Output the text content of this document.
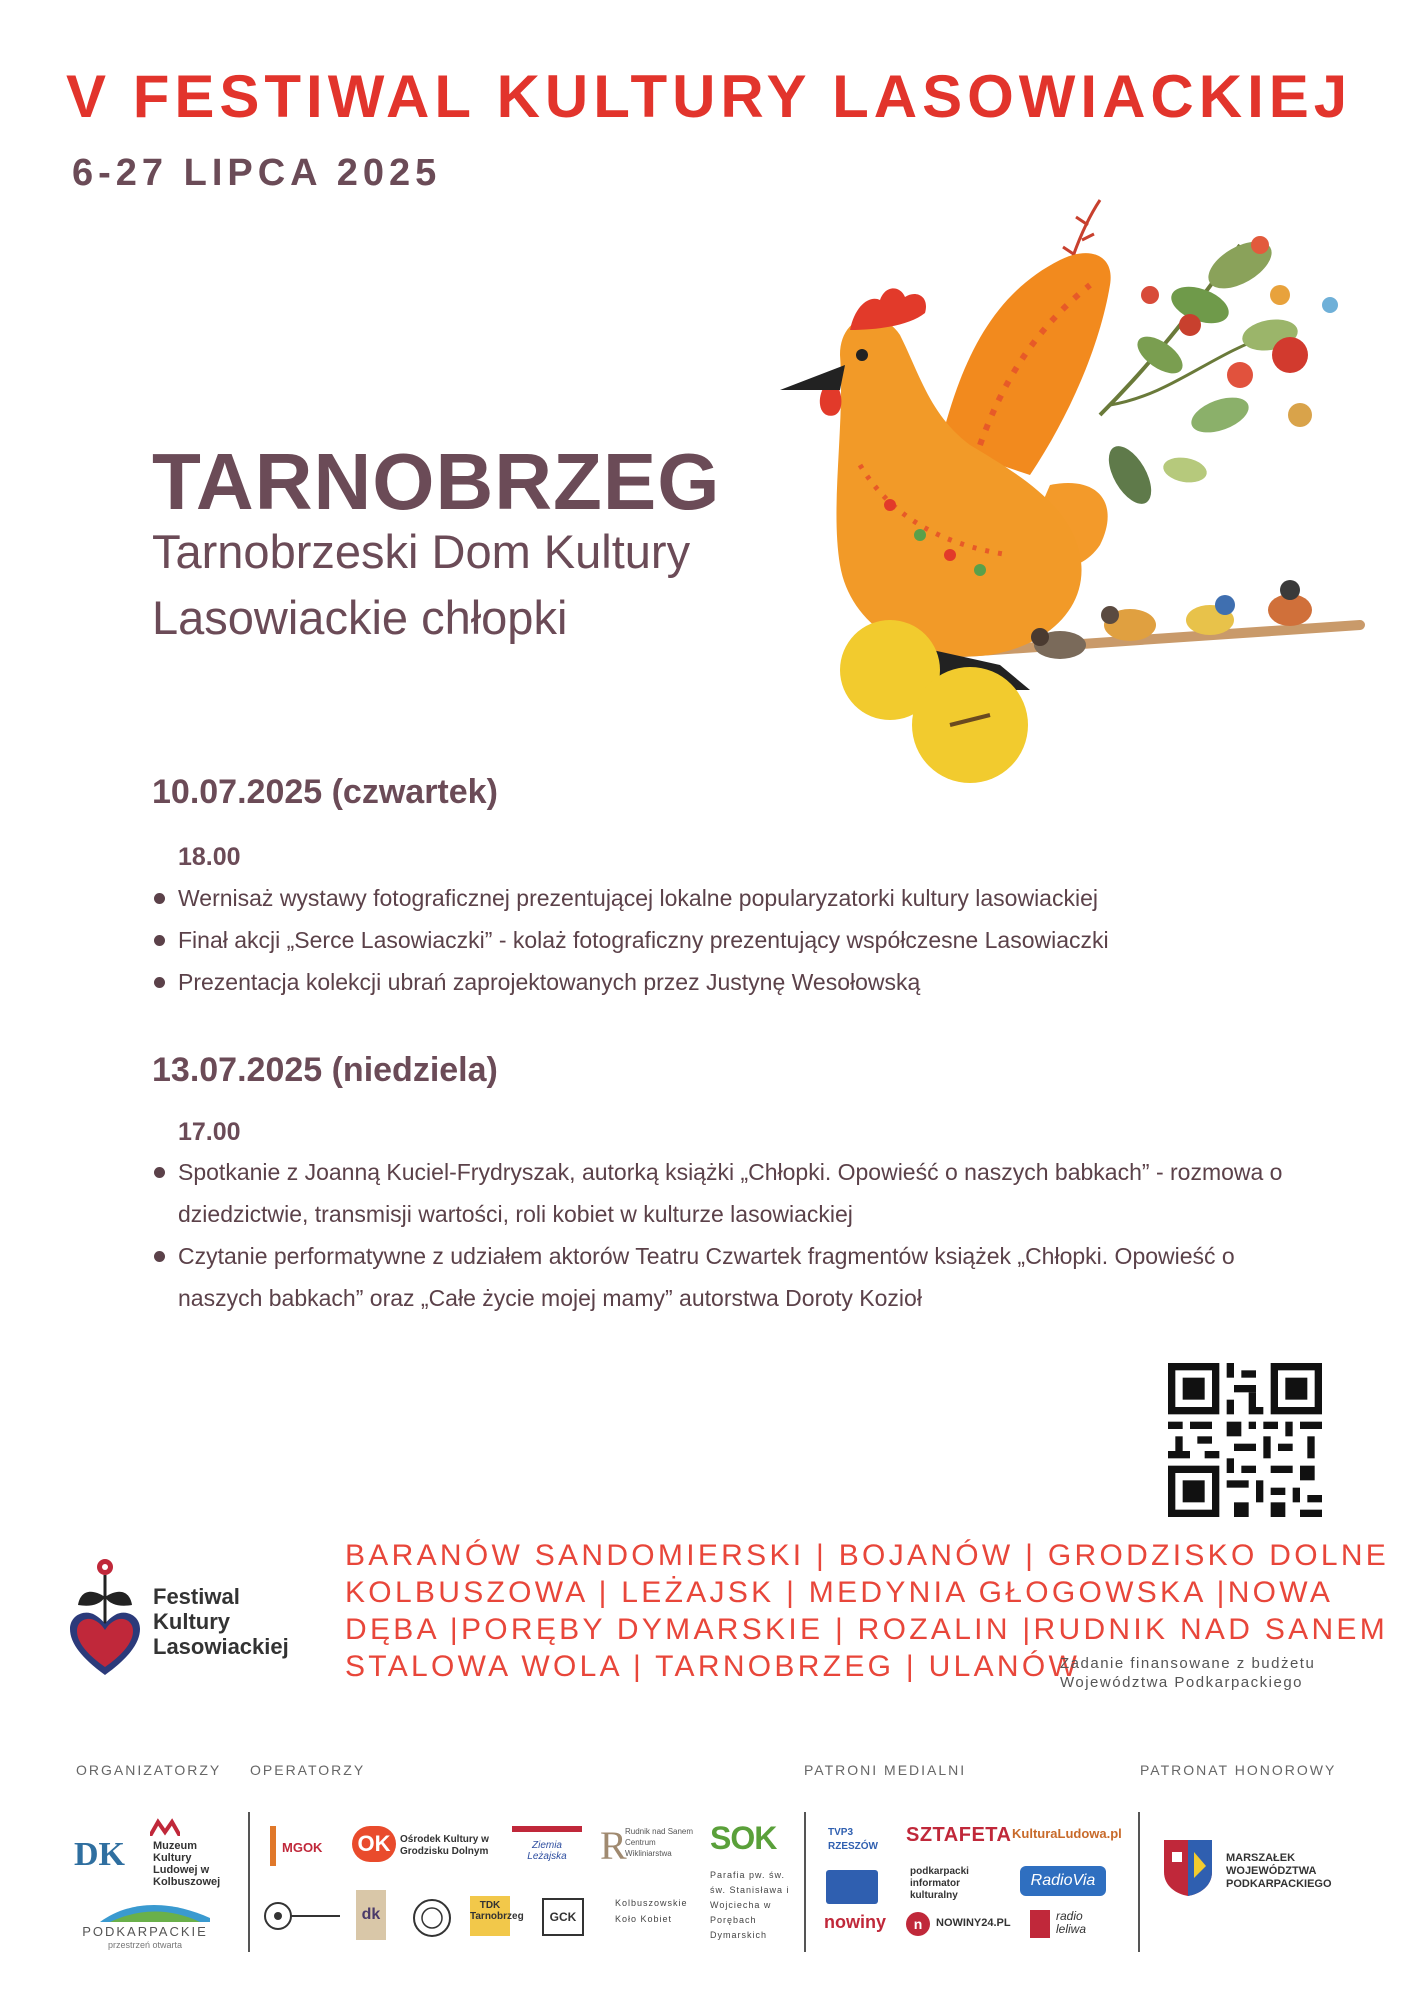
V FESTIWAL KULTURY LASOWIACKIEJ
6-27 LIPCA 2025
TARNOBRZEG
Tarnobrzeski Dom Kultury
Lasowiackie chłopki
10.07.2025 (czwartek)
18.00
Wernisaż wystawy fotograficznej prezentującej lokalne popularyzatorki kultury lasowiackiej
Finał akcji „Serce Lasowiaczki” - kolaż fotograficzny prezentujący współczesne Lasowiaczki
Prezentacja kolekcji ubrań zaprojektowanych przez Justynę Wesołowską
13.07.2025 (niedziela)
17.00
Spotkanie z Joanną Kuciel-Frydryszak, autorką książki „Chłopki. Opowieść o naszych babkach” - rozmowa o dziedzictwie, transmisji wartości, roli kobiet w kulturze lasowiackiej
Czytanie performatywne z udziałem aktorów Teatru Czwartek fragmentów książek „Chłopki. Opowieść o naszych babkach” oraz „Całe życie mojej mamy” autorstwa Doroty Kozioł
Festiwal
Kultury
Lasowiackiej
BARANÓW SANDOMIERSKI | BOJANÓW | GRODZISKO DOLNE
KOLBUSZOWA | LEŻAJSK | MEDYNIA GŁOGOWSKA |NOWA
DĘBA |PORĘBY DYMARSKIE | ROZALIN |RUDNIK NAD SANEM
STALOWA WOLA | TARNOBRZEG | ULANÓW
Zadanie finansowane z budżetu
Województwa Podkarpackiego
ORGANIZATORZY OPERATORZY	PATRONI MEDIALNI	PATRONAT HONOROWY
DK	Muzeum Kultury Ludowej w Kolbuszowej
PODKARPACKIE
przestrzeń otwarta
MGOK	OK Ośrodek Kultury w Grodzisku Dolnym
Ziemia Leżajska R
Rudnik nad Sanem Centrum Wikliniarstwa	SOK
dk
TDK Tarnobrzeg	GCK
Kolbuszowskie Koło Kobiet
Parafia pw. św. św. Stanisława i Wojciecha w Porębach Dymarskich
TVP3 RZESZÓW
SZTAFETA KulturaLudowa.pl
podkarpacki informator kulturalny
RadioVia
nowiny	n	NOWINY24.PL	radio leliwa
MARSZAŁEK WOJEWÓDZTWA PODKARPACKIEGO
